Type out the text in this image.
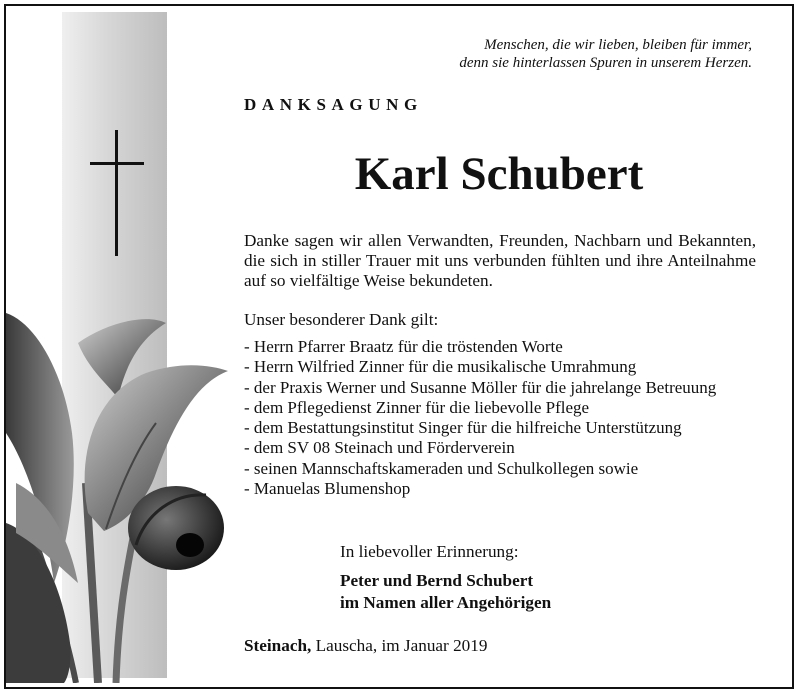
Menschen, die wir lieben, bleiben für immer,
denn sie hinterlassen Spuren in unserem Herzen.
DANKSAGUNG
Karl Schubert
Danke sagen wir allen Verwandten, Freunden, Nachbarn und Bekannten, die sich in stiller Trauer mit uns verbunden fühlten und ihre Anteilnahme auf so vielfältige Weise bekundeten.
Unser besonderer Dank gilt:
- Herrn Pfarrer Braatz für die tröstenden Worte
- Herrn Wilfried Zinner für die musikalische Umrahmung
- der Praxis Werner und Susanne Möller für die jahrelange Betreuung
- dem Pflegedienst Zinner für die liebevolle Pflege
- dem Bestattungsinstitut Singer für die hilfreiche Unterstützung
- dem SV 08 Steinach und Förderverein
- seinen Mannschaftskameraden und Schulkollegen sowie
- Manuelas Blumenshop
In liebevoller Erinnerung:
Peter und Bernd Schubert
im Namen aller Angehörigen
Steinach, Lauscha, im Januar 2019
